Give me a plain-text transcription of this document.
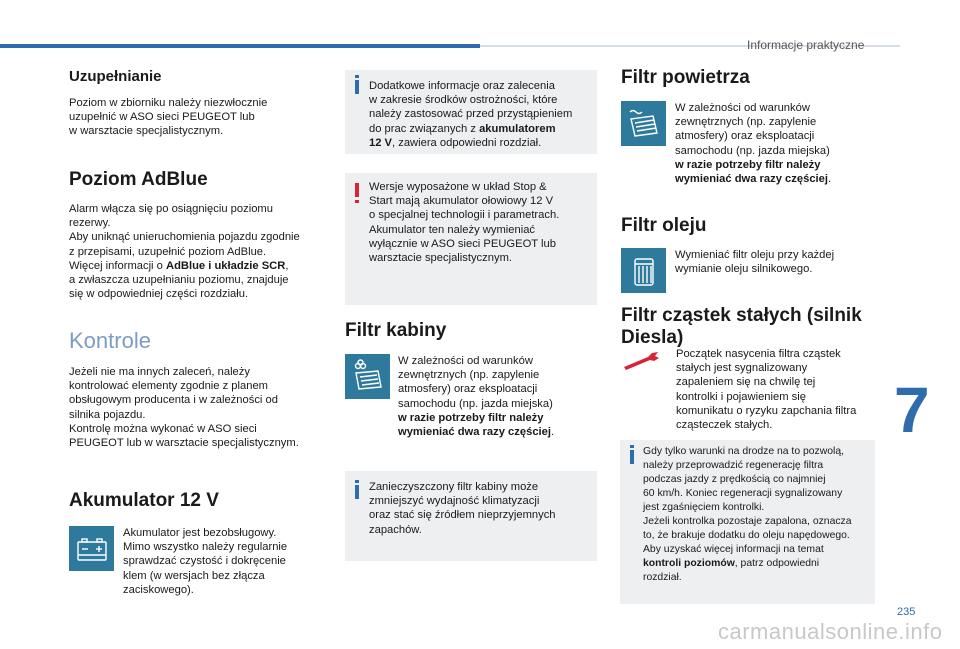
Informacje praktyczne
7
Uzupełnianie
Poziom w zbiorniku należy niezwłocznie
uzupełnić w ASO sieci PEUGEOT lub
w warsztacie specjalistycznym.
Poziom AdBlue
Alarm włącza się po osiągnięciu poziomu
rezerwy.
Aby uniknąć unieruchomienia pojazdu zgodnie
z przepisami, uzupełnić poziom AdBlue.
Więcej informacji o AdBlue i układzie SCR,
a zwłaszcza uzupełnianiu poziomu, znajduje
się w odpowiedniej części rozdziału.
Kontrole
Jeżeli nie ma innych zaleceń, należy
kontrolować elementy zgodnie z planem
obsługowym producenta i w zależności od
silnika pojazdu.
Kontrolę można wykonać w ASO sieci
PEUGEOT lub w warsztacie specjalistycznym.
Akumulator 12 V
Akumulator jest bezobsługowy.
Mimo wszystko należy regularnie
sprawdzać czystość i dokręcenie
klem (w wersjach bez złącza
zaciskowego).
Dodatkowe informacje oraz zalecenia
w zakresie środków ostrożności, które
należy zastosować przed przystąpieniem
do prac związanych z akumulatorem
12 V, zawiera odpowiedni rozdział.
Wersje wyposażone w układ Stop &
Start mają akumulator ołowiowy 12 V
o specjalnej technologii i parametrach.
Akumulator ten należy wymieniać
wyłącznie w ASO sieci PEUGEOT lub
warsztacie specjalistycznym.
Filtr kabiny
W zależności od warunków
zewnętrznych (np. zapylenie
atmosfery) oraz eksploatacji
samochodu (np. jazda miejska)
w razie potrzeby filtr należy
wymieniać dwa razy częściej.
Zanieczyszczony filtr kabiny może
zmniejszyć wydajność klimatyzacji
oraz stać się źródłem nieprzyjemnych
zapachów.
Filtr powietrza
W zależności od warunków
zewnętrznych (np. zapylenie
atmosfery) oraz eksploatacji
samochodu (np. jazda miejska)
w razie potrzeby filtr należy
wymieniać dwa razy częściej.
Filtr oleju
Wymieniać filtr oleju przy każdej
wymianie oleju silnikowego.
Filtr cząstek stałych (silnik
Diesla)
Początek nasycenia filtra cząstek
stałych jest sygnalizowany
zapaleniem się na chwilę tej
kontrolki i pojawieniem się
komunikatu o ryzyku zapchania filtra
cząsteczek stałych.
Gdy tylko warunki na drodze na to pozwolą,
należy przeprowadzić regenerację filtra
podczas jazdy z prędkością co najmniej
60 km/h. Koniec regeneracji sygnalizowany
jest zgaśnięciem kontrolki.
Jeżeli kontrolka pozostaje zapalona, oznacza
to, że brakuje dodatku do oleju napędowego.
Aby uzyskać więcej informacji na temat
kontroli poziomów, patrz odpowiedni
rozdział.
235
carmanualsonline.info
